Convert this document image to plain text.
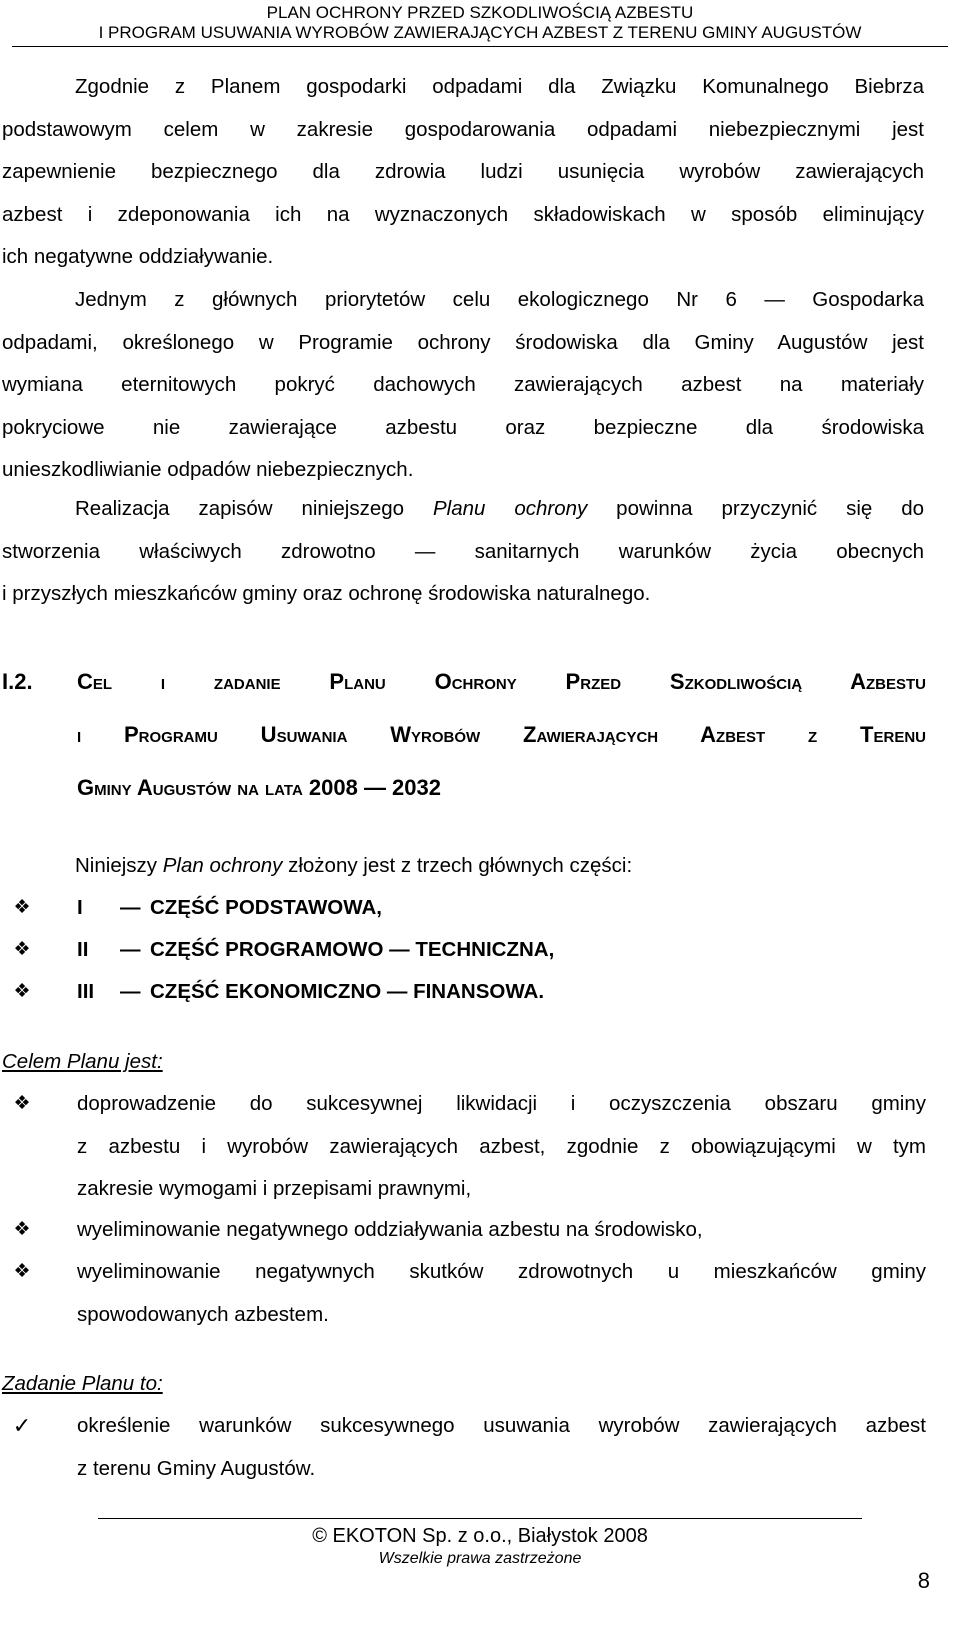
PLAN OCHRONY PRZED SZKODLIWOŚCIĄ AZBESTU
I PROGRAM USUWANIA WYROBÓW ZAWIERAJĄCYCH AZBEST Z TERENU GMINY AUGUSTÓW
Zgodnie z Planem gospodarki odpadami dla Związku Komunalnego Biebrza
podstawowym celem w zakresie gospodarowania odpadami niebezpiecznymi jest
zapewnienie bezpiecznego dla zdrowia ludzi usunięcia wyrobów zawierających
azbest i zdeponowania ich na wyznaczonych składowiskach w sposób eliminujący
ich negatywne oddziaływanie.
Jednym z głównych priorytetów celu ekologicznego Nr 6 — Gospodarka
odpadami, określonego w Programie ochrony środowiska dla Gminy Augustów jest
wymiana eternitowych pokryć dachowych zawierających azbest na materiały
pokryciowe nie zawierające azbestu oraz bezpieczne dla środowiska
unieszkodliwianie odpadów niebezpiecznych.
Realizacja zapisów niniejszego Planu ochrony powinna przyczynić się do
stworzenia właściwych zdrowotno — sanitarnych warunków życia obecnych
i przyszłych mieszkańców gminy oraz ochronę środowiska naturalnego.
I.2. Cel i zadanie Planu Ochrony Przed Szkodliwością Azbestu
i Programu Usuwania Wyrobów Zawierających Azbest z Terenu
Gminy Augustów na lata 2008 — 2032
Niniejszy Plan ochrony złożony jest z trzech głównych części:
❖	I — CZĘŚĆ PODSTAWOWA,
❖	II — CZĘŚĆ PROGRAMOWO — TECHNICZNA,
❖	III — CZĘŚĆ EKONOMICZNO — FINANSOWA.
Celem Planu jest:
❖	doprowadzenie do sukcesywnej likwidacji i oczyszczenia obszaru gminy
z azbestu i wyrobów zawierających azbest, zgodnie z obowiązującymi w tym
zakresie wymogami i przepisami prawnymi,
❖	wyeliminowanie negatywnego oddziaływania azbestu na środowisko,
❖	wyeliminowanie negatywnych skutków zdrowotnych u mieszkańców gminy
spowodowanych azbestem.
Zadanie Planu to:
✓	określenie warunków sukcesywnego usuwania wyrobów zawierających azbest
z terenu Gminy Augustów.
© EKOTON Sp. z o.o., Białystok 2008
Wszelkie prawa zastrzeżone
8
